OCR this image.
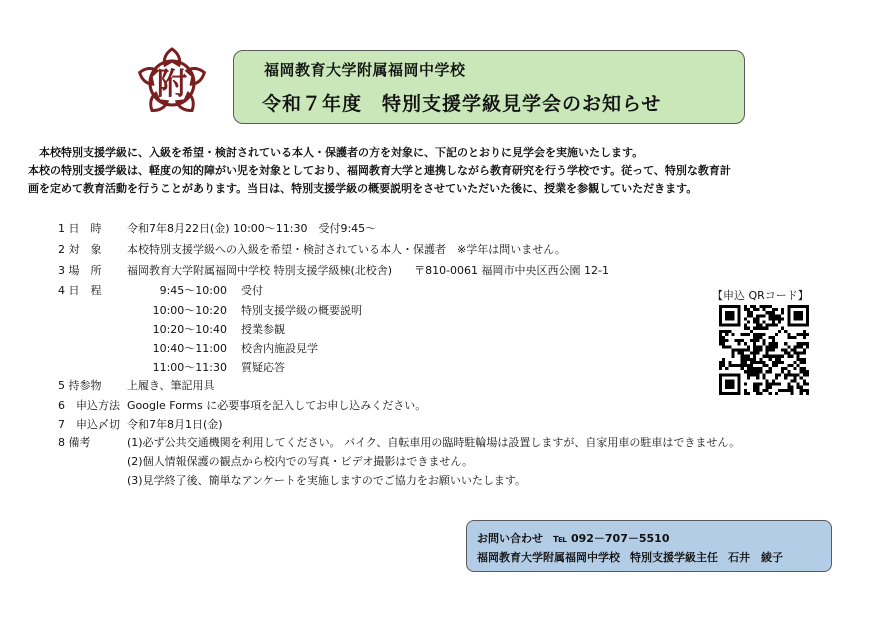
附	福岡教育大学附属福岡中学校
令和７年度　特別支援学級見学会のお知らせ

　本校特別支援学級に、入級を希望・検討されている本人・保護者の方を対象に、下記のとおりに見学会を実施いたします。

本校の特別支援学級は、軽度の知的障がい児を対象としており、福岡教育大学と連携しながら教育研究を行う学校です。従って、特別な教育計

画を定めて教育活動を行うことがあります。当日は、特別支援学級の概要説明をさせていただいた後に、授業を参観していただきます。

1 日　時 令和7年8月22日(金) 10:00～11:30　受付9:45～
2 対　象 本校特別支援学級への入級を希望・検討されている本人・保護者　※学年は問いません。
3 場　所 福岡教育大学附属福岡中学校 特別支援学級棟(北校舎)　　〒810-0061 福岡市中央区西公園 12-1
4 日　程	9:45～10:00 受付
10:00～10:20 特別支援学級の概要説明
10:20～10:40 授業参観
10:40～11:00 校舎内施設見学
11:00～11:30 質疑応答
5 持参物 上履き、筆記用具
6　申込方法 Google Forms に必要事項を記入してお申し込みください。
7　申込〆切 令和7年8月1日(金)
8 備考	(1)必ず公共交通機関を利用してください。 バイク、自転車用の臨時駐輪場は設置しますが、自家用車の駐車はできません。
(2)個人情報保護の観点から校内での写真・ビデオ撮影はできません。
(3)見学終了後、簡単なアンケートを実施しますのでご協力をお願いいたします。
【申込 QRコード】
お問い合わせ ℡ 092－707－5510
福岡教育大学附属福岡中学校 特別支援学級主任 石井　綾子
